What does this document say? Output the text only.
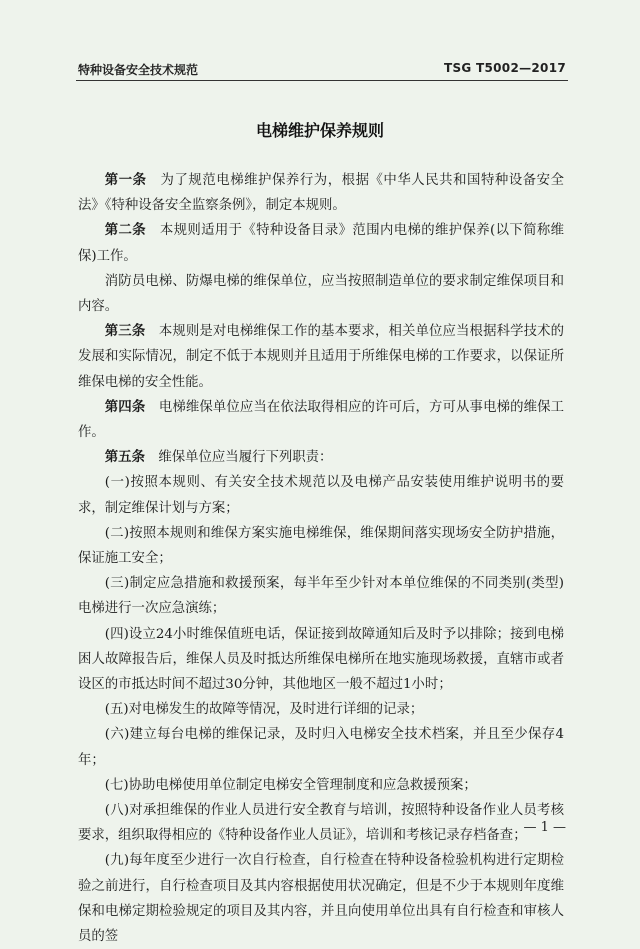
特种设备安全技术规范	TSG T5002—2017
电梯维护保养规则

第一条　 为了规范电梯维护保养行为，根据《中华人民共和国特种设备安全法》《特种设备安全监察条例》，制定本规则。

第二条　 本规则适用于《特种设备目录》范围内电梯的维护保养(以下简称维保)工作。

消防员电梯、防爆电梯的维保单位，应当按照制造单位的要求制定维保项目和内容。

第三条　 本规则是对电梯维保工作的基本要求，相关单位应当根据科学技术的发展和实际情况，制定不低于本规则并且适用于所维保电梯的工作要求，以保证所维保电梯的安全性能。

第四条　 电梯维保单位应当在依法取得相应的许可后，方可从事电梯的维保工作。

第五条　 维保单位应当履行下列职责：

(一)按照本规则、有关安全技术规范以及电梯产品安装使用维护说明书的要求，制定维保计划与方案；

(二)按照本规则和维保方案实施电梯维保，维保期间落实现场安全防护措施，保证施工安全；

(三)制定应急措施和救援预案，每半年至少针对本单位维保的不同类别(类型)电梯进行一次应急演练；

(四)设立24小时维保值班电话，保证接到故障通知后及时予以排除；接到电梯困人故障报告后，维保人员及时抵达所维保电梯所在地实施现场救援，直辖市或者设区的市抵达时间不超过30分钟，其他地区一般不超过1小时；

(五)对电梯发生的故障等情况，及时进行详细的记录；

(六)建立每台电梯的维保记录，及时归入电梯安全技术档案，并且至少保存4年；

(七)协助电梯使用单位制定电梯安全管理制度和应急救援预案；

(八)对承担维保的作业人员进行安全教育与培训，按照特种设备作业人员考核要求，组织取得相应的《特种设备作业人员证》，培训和考核记录存档备查；

(九)每年度至少进行一次自行检查，自行检查在特种设备检验机构进行定期检验之前进行，自行检查项目及其内容根据使用状况确定，但是不少于本规则年度维保和电梯定期检验规定的项目及其内容，并且向使用单位出具有自行检查和审核人员的签

— 1 —
